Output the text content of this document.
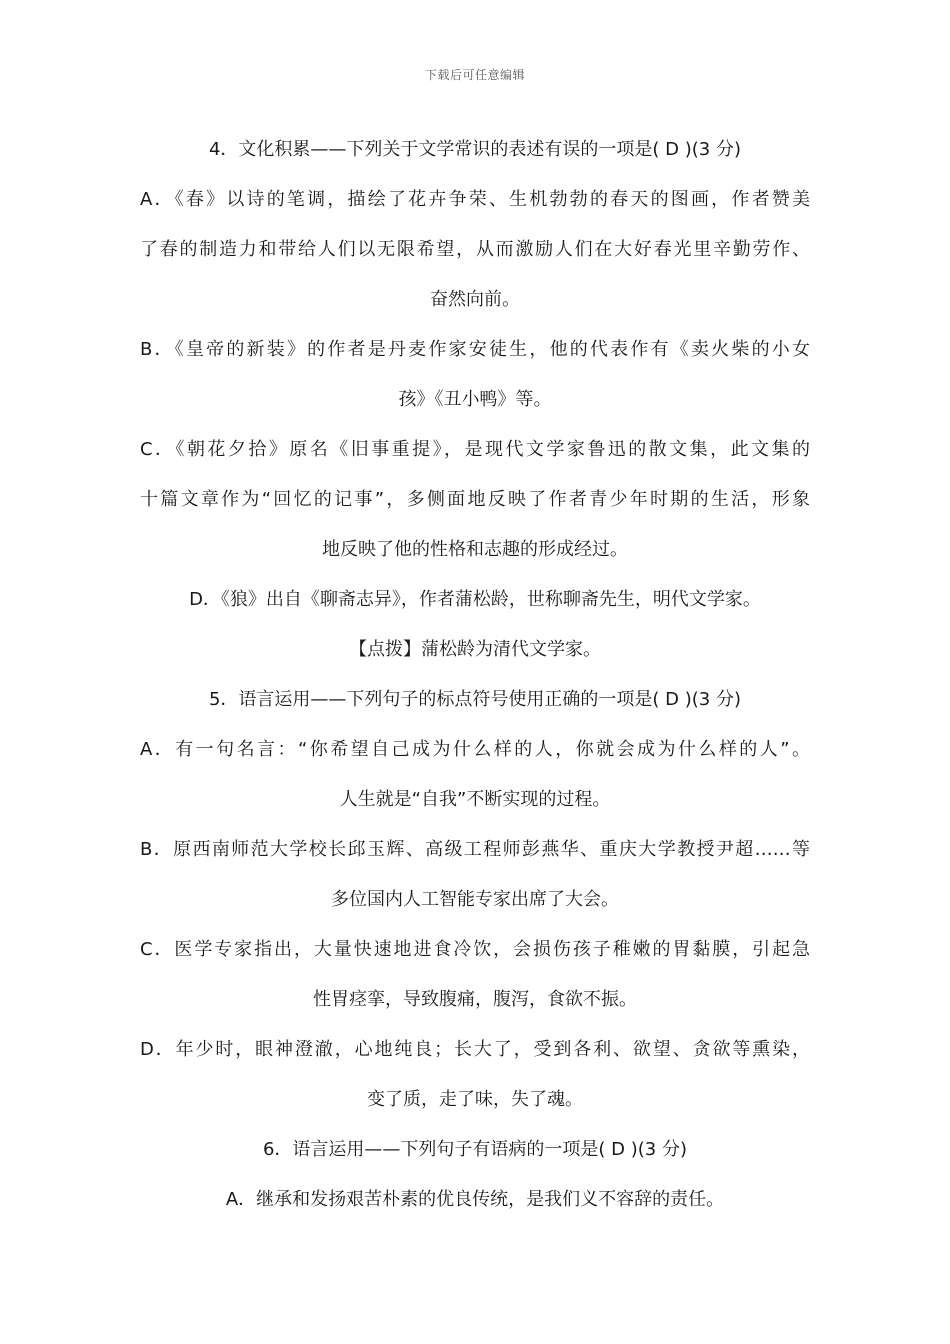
下载后可任意编辑
4．文化积累——下列关于文学常识的表述有误的一项是( D )(3 分)
A．《春》以诗的笔调，描绘了花卉争荣、生机勃勃的春天的图画，作者赞美
了春的制造力和带给人们以无限希望，从而激励人们在大好春光里辛勤劳作、
奋然向前。
B．《皇帝的新装》的作者是丹麦作家安徒生，他的代表作有《卖火柴的小女
孩》《丑小鸭》等。
C．《朝花夕拾》原名《旧事重提》，是现代文学家鲁迅的散文集，此文集的
十篇文章作为“回忆的记事”，多侧面地反映了作者青少年时期的生活，形象
地反映了他的性格和志趣的形成经过。
D．《狼》出自《聊斋志异》，作者蒲松龄，世称聊斋先生，明代文学家。
【点拨】蒲松龄为清代文学家。
5．语言运用——下列句子的标点符号使用正确的一项是( D )(3 分)
A．有一句名言：“你希望自己成为什么样的人，你就会成为什么样的人”。
人生就是“自我”不断实现的过程。
B．原西南师范大学校长邱玉辉、高级工程师彭燕华、重庆大学教授尹超……等
多位国内人工智能专家出席了大会。
C．医学专家指出，大量快速地进食冷饮，会损伤孩子稚嫩的胃黏膜，引起急
性胃痉挛，导致腹痛，腹泻，食欲不振。
D．年少时，眼神澄澈，心地纯良；长大了，受到各利、欲望、贪欲等熏染，
变了质，走了味，失了魂。
6．语言运用——下列句子有语病的一项是( D )(3 分)
A．继承和发扬艰苦朴素的优良传统，是我们义不容辞的责任。
